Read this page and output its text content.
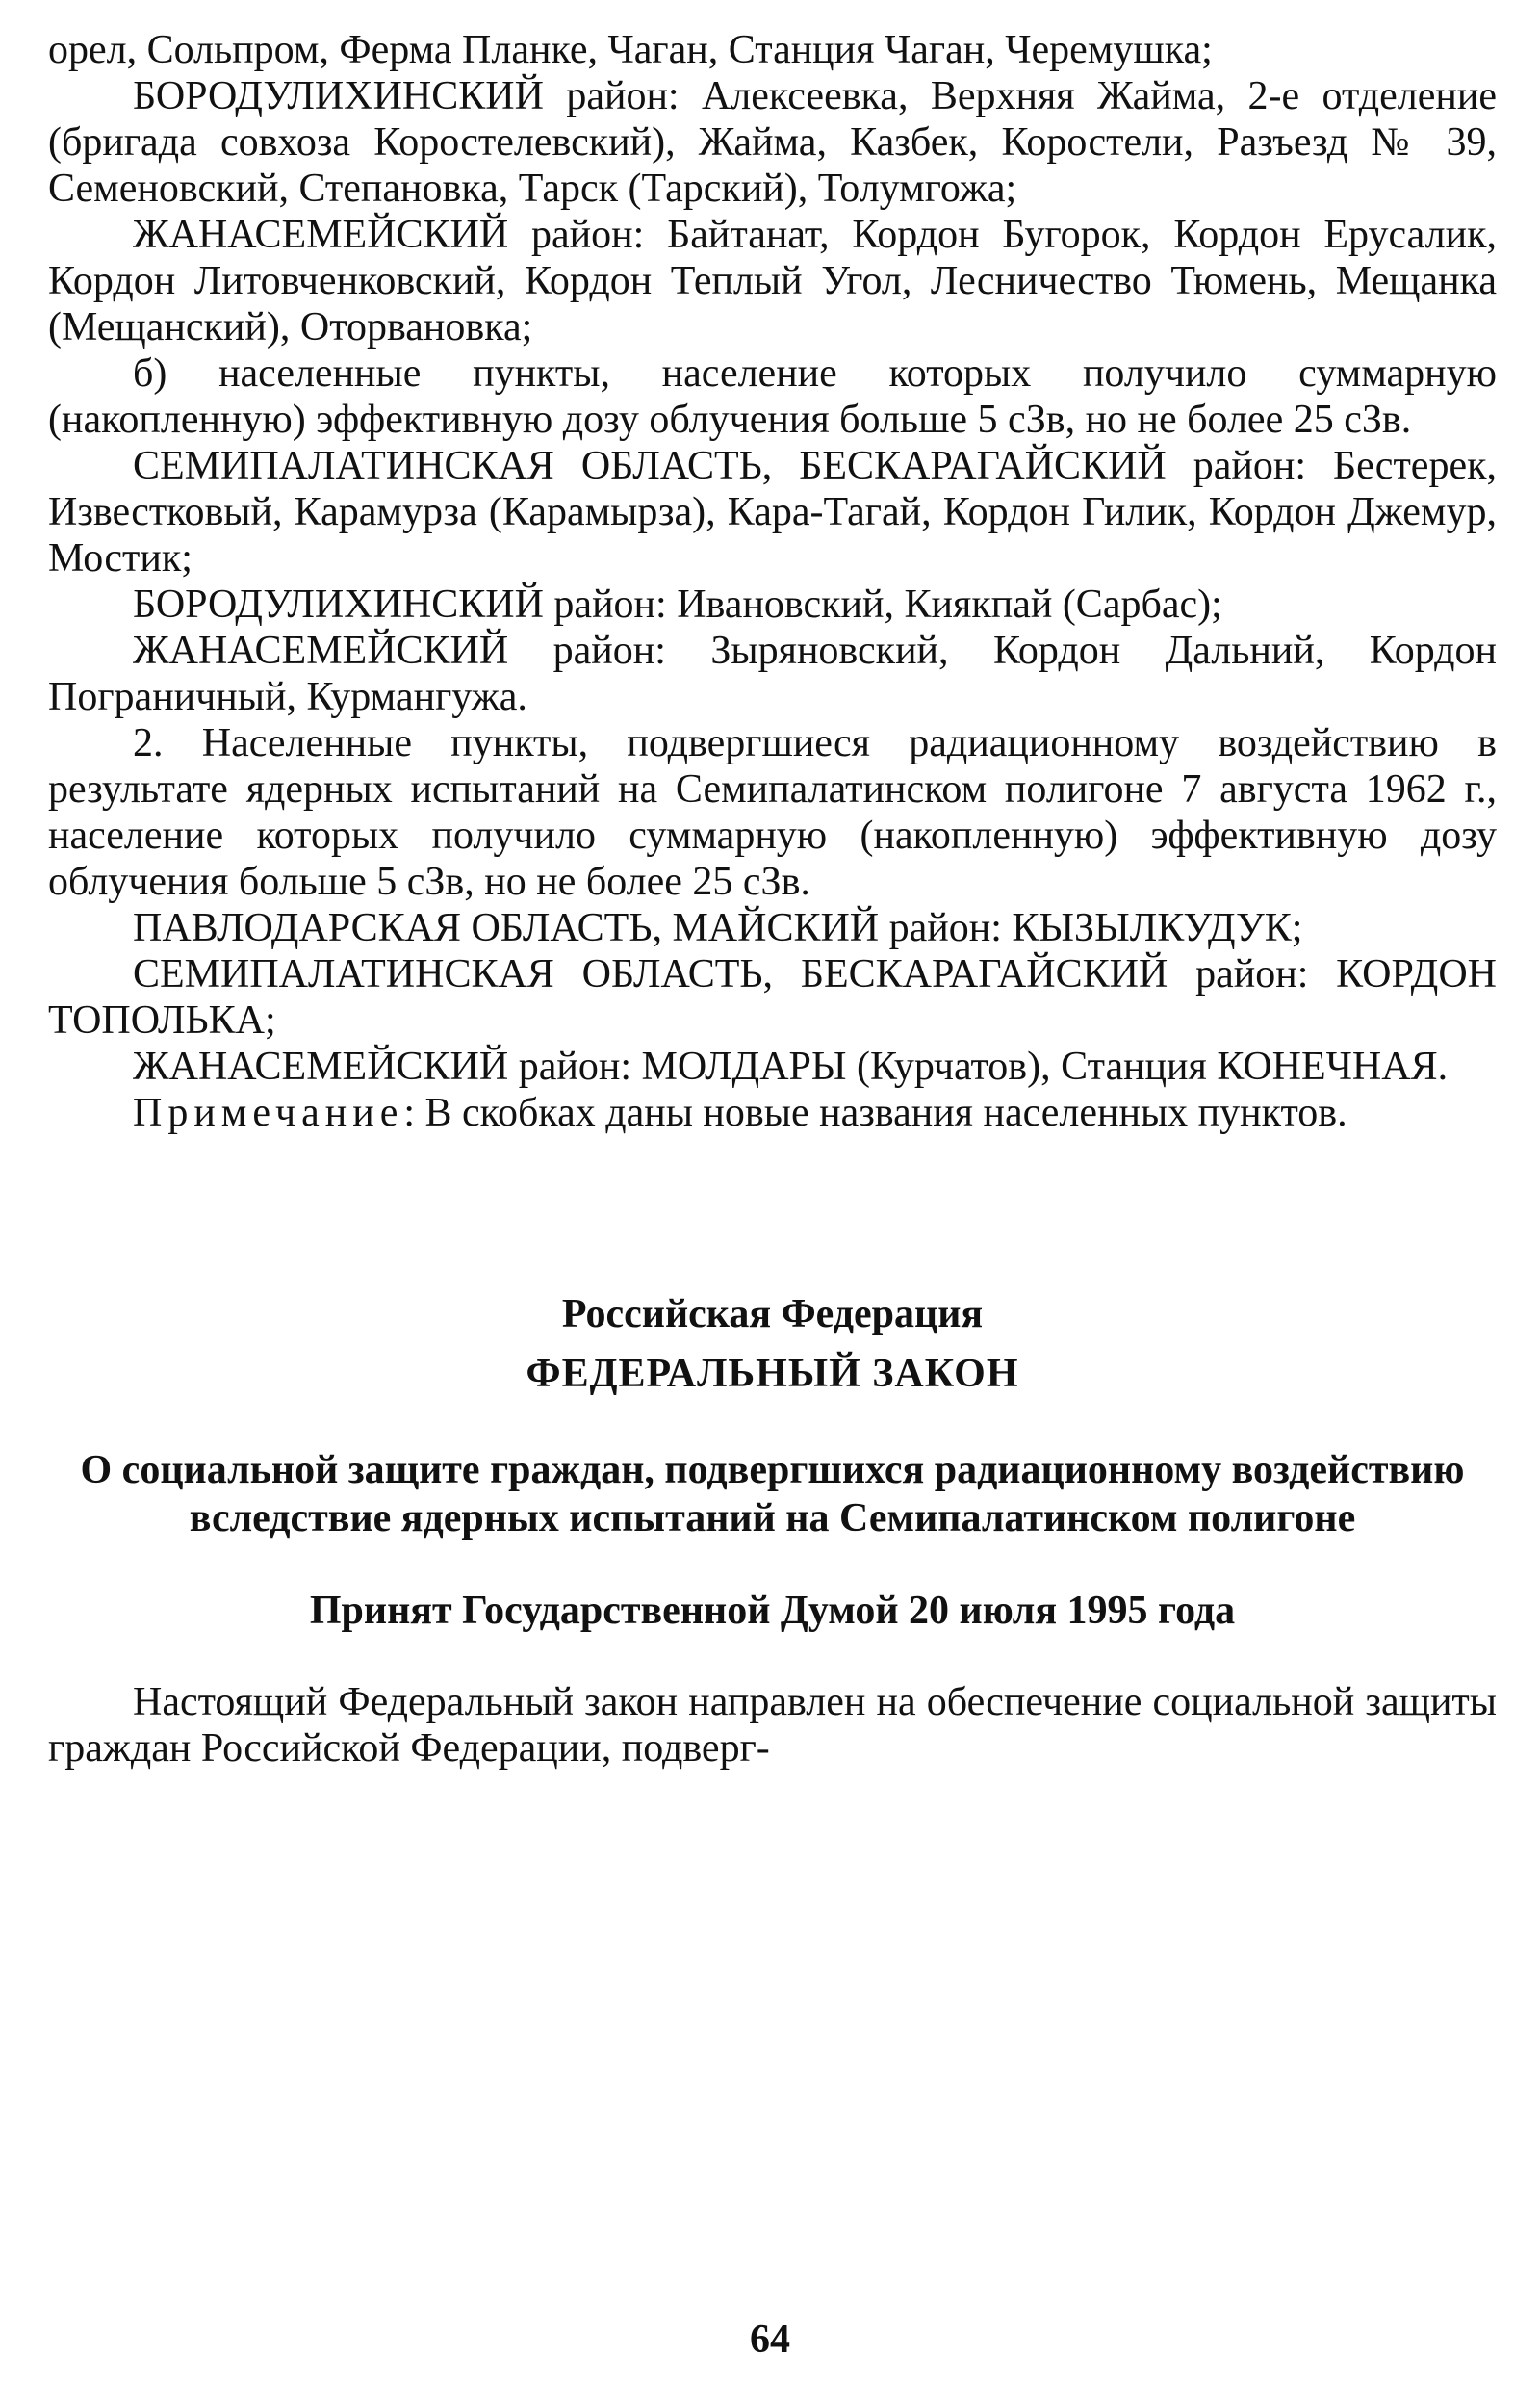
орел, Сольпром, Ферма Планке, Чаган, Станция Чаган, Черемушка;

БОРОДУЛИХИНСКИЙ район: Алексеевка, Верхняя Жайма, 2-е отделение (бригада совхоза Коростелевский), Жайма, Казбек, Коростели, Разъезд № 39, Семеновский, Степановка, Тарск (Тарский), Толумгожа;

ЖАНАСЕМЕЙСКИЙ район: Байтанат, Кордон Бугорок, Кордон Ерусалик, Кордон Литовченковский, Кордон Теплый Угол, Лесничество Тюмень, Мещанка (Мещанский), Оторвановка;

б) населенные пункты, население которых получило суммарную (накопленную) эффективную дозу облучения больше 5 сЗв, но не более 25 сЗв.

СЕМИПАЛАТИНСКАЯ ОБЛАСТЬ, БЕСКАРАГАЙСКИЙ район: Бестерек, Известковый, Карамурза (Карамырза), Кара-Тагай, Кордон Гилик, Кордон Джемур, Мостик;

БОРОДУЛИХИНСКИЙ район: Ивановский, Киякпай (Сарбас);

ЖАНАСЕМЕЙСКИЙ район: Зыряновский, Кордон Дальний, Кордон Пограничный, Курмангужа.

2. Населенные пункты, подвергшиеся радиационному воздействию в результате ядерных испытаний на Семипалатинском полигоне 7 августа 1962 г., население которых получило суммарную (накопленную) эффективную дозу облучения больше 5 сЗв, но не более 25 сЗв.

ПАВЛОДАРСКАЯ ОБЛАСТЬ, МАЙСКИЙ район: КЫЗЫЛКУДУК;

СЕМИПАЛАТИНСКАЯ ОБЛАСТЬ, БЕСКАРАГАЙСКИЙ район: КОРДОН ТОПОЛЬКА;

ЖАНАСЕМЕЙСКИЙ район: МОЛДАРЫ (Курчатов), Станция КОНЕЧНАЯ.

Примечание: В скобках даны новые названия населенных пунктов.

Российская Федерация

ФЕДЕРАЛЬНЫЙ ЗАКОН

О социальной защите граждан, подвергшихся радиационному воздействию вследствие ядерных испытаний на Семипалатинском полигоне

Принят Государственной Думой 20 июля 1995 года

Настоящий Федеральный закон направлен на обеспечение социальной защиты граждан Российской Федерации, подверг-

64
